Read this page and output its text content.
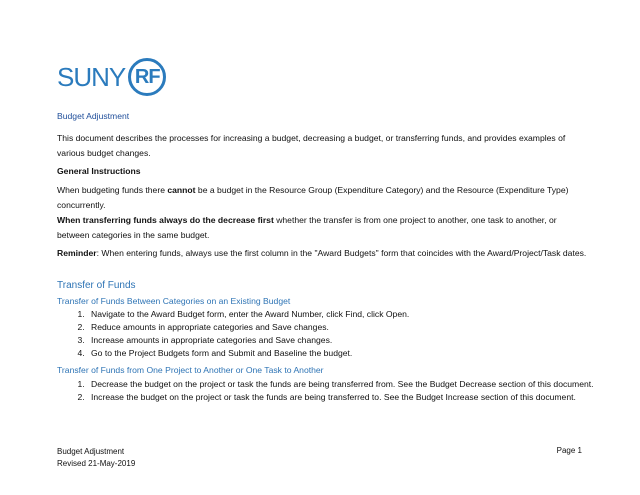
SUNY RF
Budget Adjustment
This document describes the processes for increasing a budget, decreasing a budget, or transferring funds, and provides examples of various budget changes.
General Instructions
When budgeting funds there cannot be a budget in the Resource Group (Expenditure Category) and the Resource (Expenditure Type) concurrently.
When transferring funds always do the decrease first whether the transfer is from one project to another, one task to another, or between categories in the same budget.
Reminder: When entering funds, always use the first column in the "Award Budgets" form that coincides with the Award/Project/Task dates.
Transfer of Funds
Transfer of Funds Between Categories on an Existing Budget
1. Navigate to the Award Budget form, enter the Award Number, click Find, click Open.
2. Reduce amounts in appropriate categories and Save changes.
3. Increase amounts in appropriate categories and Save changes.
4. Go to the Project Budgets form and Submit and Baseline the budget.
Transfer of Funds from One Project to Another or One Task to Another
1. Decrease the budget on the project or task the funds are being transferred from. See the Budget Decrease section of this document.
2. Increase the budget on the project or task the funds are being transferred to. See the Budget Increase section of this document.
Budget Adjustment
Revised 21-May-2019
Page 1
